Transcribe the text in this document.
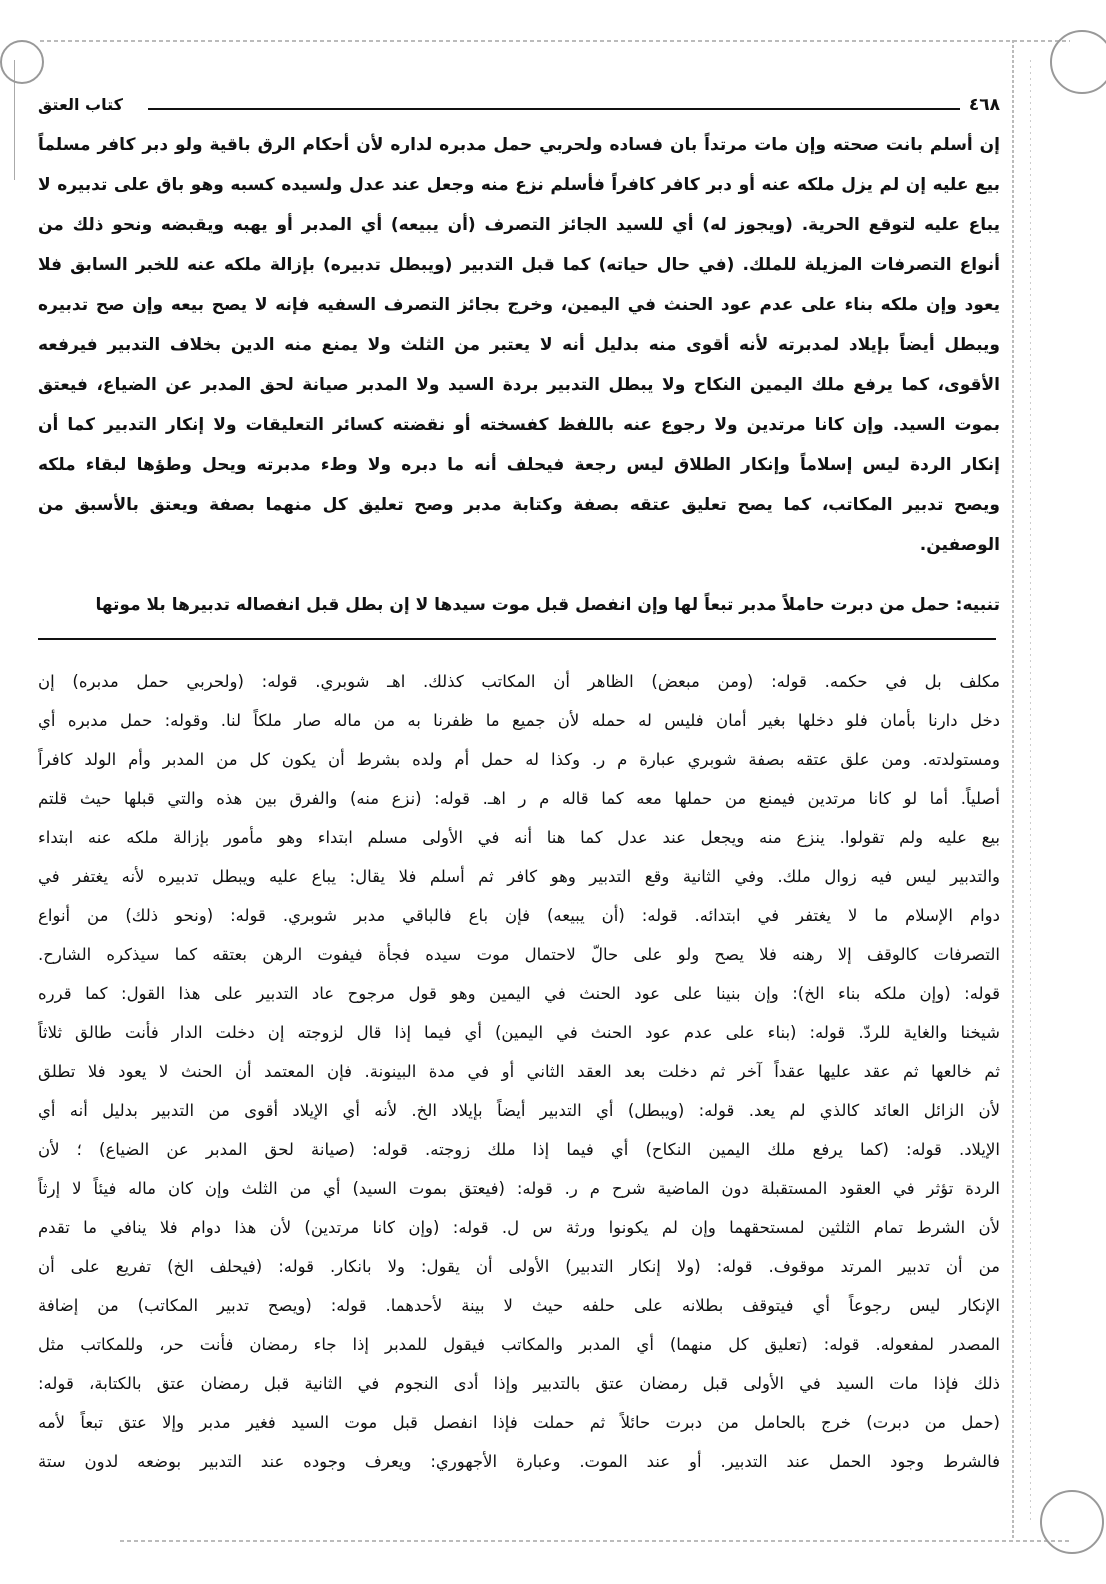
٤٦٨
كتاب العتق
إن أسلم بانت صحته وإن مات مرتداً بان فساده ولحربي حمل مدبره لداره لأن أحكام الرق باقية ولو دبر كافر مسلماً
بيع عليه إن لم يزل ملكه عنه أو دبر كافر كافراً فأسلم نزع منه وجعل عند عدل ولسيده كسبه وهو باق على تدبيره لا
يباع عليه لتوقع الحرية. (ويجوز له) أي للسيد الجائز التصرف (أن يبيعه) أي المدبر أو يهبه ويقبضه ونحو ذلك من
أنواع التصرفات المزيلة للملك. (في حال حياته) كما قبل التدبير (ويبطل تدبيره) بإزالة ملكه عنه للخبر السابق فلا
يعود وإن ملكه بناء على عدم عود الحنث في اليمين، وخرج بجائز التصرف السفيه فإنه لا يصح بيعه وإن صح تدبيره
ويبطل أيضاً بإيلاد لمدبرته لأنه أقوى منه بدليل أنه لا يعتبر من الثلث ولا يمنع منه الدين بخلاف التدبير فيرفعه
الأقوى، كما يرفع ملك اليمين النكاح ولا يبطل التدبير بردة السيد ولا المدبر صيانة لحق المدبر عن الضياع، فيعتق
بموت السيد. وإن كانا مرتدين ولا رجوع عنه باللفظ كفسخته أو نقضته كسائر التعليقات ولا إنكار التدبير كما أن
إنكار الردة ليس إسلاماً وإنكار الطلاق ليس رجعة فيحلف أنه ما دبره ولا وطء مدبرته ويحل وطؤها لبقاء ملكه
ويصح تدبير المكاتب، كما يصح تعليق عتقه بصفة وكتابة مدبر وصح تعليق كل منهما بصفة ويعتق بالأسبق من
الوصفين.
تنبيه: حمل من دبرت حاملاً مدبر تبعاً لها وإن انفصل قبل موت سيدها لا إن بطل قبل انفصاله تدبيرها بلا موتها
مكلف بل في حكمه. قوله: (ومن مبعض) الظاهر أن المكاتب كذلك. اهـ شوبري. قوله: (ولحربي حمل مدبره) إن
دخل دارنا بأمان فلو دخلها بغير أمان فليس له حمله لأن جميع ما ظفرنا به من ماله صار ملكاً لنا. وقوله: حمل مدبره أي
ومستولدته. ومن علق عتقه بصفة شوبري عبارة م ر. وكذا له حمل أم ولده بشرط أن يكون كل من المدبر وأم الولد كافراً
أصلياً. أما لو كانا مرتدين فيمنع من حملها معه كما قاله م ر اهـ. قوله: (نزع منه) والفرق بين هذه والتي قبلها حيث قلتم
بيع عليه ولم تقولوا. ينزع منه ويجعل عند عدل كما هنا أنه في الأولى مسلم ابتداء وهو مأمور بإزالة ملكه عنه ابتداء
والتدبير ليس فيه زوال ملك. وفي الثانية وقع التدبير وهو كافر ثم أسلم فلا يقال: يباع عليه ويبطل تدبيره لأنه يغتفر في
دوام الإسلام ما لا يغتفر في ابتدائه. قوله: (أن يبيعه) فإن باع فالباقي مدبر شوبري. قوله: (ونحو ذلك) من أنواع
التصرفات كالوقف إلا رهنه فلا يصح ولو على حالّ لاحتمال موت سيده فجأة فيفوت الرهن بعتقه كما سيذكره الشارح.
قوله: (وإن ملكه بناء الخ): وإن بنينا على عود الحنث في اليمين وهو قول مرجوح عاد التدبير على هذا القول: كما قرره
شيخنا والغاية للردّ. قوله: (بناء على عدم عود الحنث في اليمين) أي فيما إذا قال لزوجته إن دخلت الدار فأنت طالق ثلاثاً
ثم خالعها ثم عقد عليها عقداً آخر ثم دخلت بعد العقد الثاني أو في مدة البينونة. فإن المعتمد أن الحنث لا يعود فلا تطلق
لأن الزائل العائد كالذي لم يعد. قوله: (ويبطل) أي التدبير أيضاً بإيلاد الخ. لأنه أي الإيلاد أقوى من التدبير بدليل أنه أي
الإيلاد. قوله: (كما يرفع ملك اليمين النكاح) أي فيما إذا ملك زوجته. قوله: (صيانة لحق المدبر عن الضياع) ؛ لأن
الردة تؤثر في العقود المستقبلة دون الماضية شرح م ر. قوله: (فيعتق بموت السيد) أي من الثلث وإن كان ماله فيئاً لا إرثاً
لأن الشرط تمام الثلثين لمستحقهما وإن لم يكونوا ورثة س ل. قوله: (وإن كانا مرتدين) لأن هذا دوام فلا ينافي ما تقدم
من أن تدبير المرتد موقوف. قوله: (ولا إنكار التدبير) الأولى أن يقول: ولا بانكار. قوله: (فيحلف الخ) تفريع على أن
الإنكار ليس رجوعاً أي فيتوقف بطلانه على حلفه حيث لا بينة لأحدهما. قوله: (ويصح تدبير المكاتب) من إضافة
المصدر لمفعوله. قوله: (تعليق كل منهما) أي المدبر والمكاتب فيقول للمدبر إذا جاء رمضان فأنت حر، وللمكاتب مثل
ذلك فإذا مات السيد في الأولى قبل رمضان عتق بالتدبير وإذا أدى النجوم في الثانية قبل رمضان عتق بالكتابة، قوله:
(حمل من دبرت) خرج بالحامل من دبرت حائلاً ثم حملت فإذا انفصل قبل موت السيد فغير مدبر وإلا عتق تبعاً لأمه
فالشرط وجود الحمل عند التدبير. أو عند الموت. وعبارة الأجهوري: ويعرف وجوده عند التدبير بوضعه لدون ستة
